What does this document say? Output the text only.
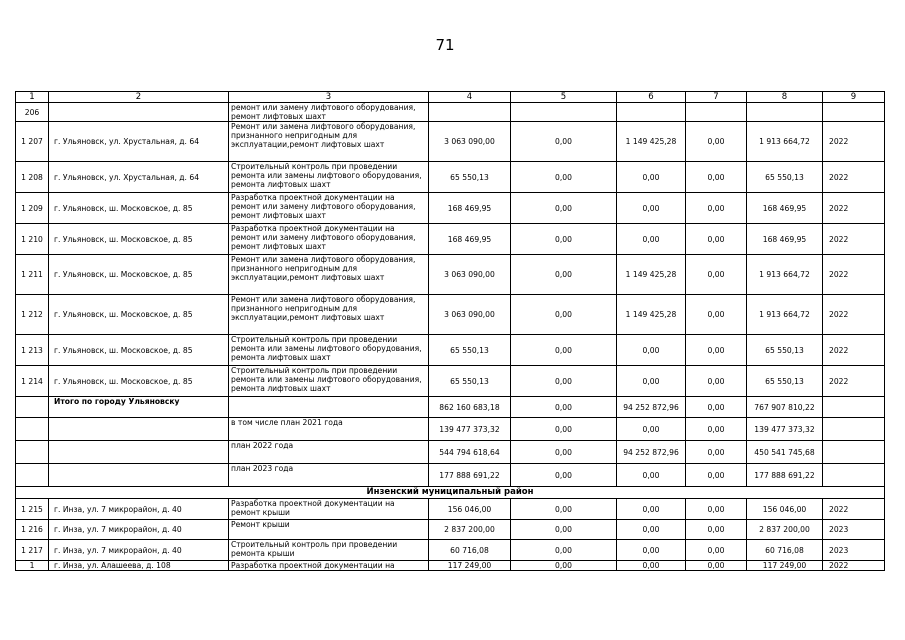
71
1	2	3	4	5	6	7	8	9
206		ремонт или замену лифтового оборудования, ремонт лифтовых шахт						
1 207	г. Ульяновск, ул. Хрустальная, д. 64	Ремонт или замена лифтового оборудования, признанного непригодным для эксплуатации,ремонт лифтовых шахт	3 063 090,00	0,00	1 149 425,28	0,00	1 913 664,72	2022
1 208	г. Ульяновск, ул. Хрустальная, д. 64	Строительный контроль при проведении ремонта или замены лифтового оборудования, ремонта лифтовых шахт	65 550,13	0,00	0,00	0,00	65 550,13	2022
1 209	г. Ульяновск, ш. Московское, д. 85	Разработка проектной документации на ремонт или замену лифтового оборудования, ремонт лифтовых шахт	168 469,95	0,00	0,00	0,00	168 469,95	2022
1 210	г. Ульяновск, ш. Московское, д. 85	Разработка проектной документации на ремонт или замену лифтового оборудования, ремонт лифтовых шахт	168 469,95	0,00	0,00	0,00	168 469,95	2022
1 211	г. Ульяновск, ш. Московское, д. 85	Ремонт или замена лифтового оборудования, признанного непригодным для эксплуатации,ремонт лифтовых шахт	3 063 090,00	0,00	1 149 425,28	0,00	1 913 664,72	2022
1 212	г. Ульяновск, ш. Московское, д. 85	Ремонт или замена лифтового оборудования, признанного непригодным для эксплуатации,ремонт лифтовых шахт	3 063 090,00	0,00	1 149 425,28	0,00	1 913 664,72	2022
1 213	г. Ульяновск, ш. Московское, д. 85	Строительный контроль при проведении ремонта или замены лифтового оборудования, ремонта лифтовых шахт	65 550,13	0,00	0,00	0,00	65 550,13	2022
1 214	г. Ульяновск, ш. Московское, д. 85	Строительный контроль при проведении ремонта или замены лифтового оборудования, ремонта лифтовых шахт	65 550,13	0,00	0,00	0,00	65 550,13	2022
	Итого по городу Ульяновску		862 160 683,18	0,00	94 252 872,96	0,00	767 907 810,22	
		в том числе план 2021 года	139 477 373,32	0,00	0,00	0,00	139 477 373,32	
		план 2022 года	544 794 618,64	0,00	94 252 872,96	0,00	450 541 745,68	
		план 2023 года	177 888 691,22	0,00	0,00	0,00	177 888 691,22	
Инзенский муниципальный район								
1 215	г. Инза, ул. 7 микрорайон, д. 40	Разработка проектной документации на ремонт крыши	156 046,00	0,00	0,00	0,00	156 046,00	2022
1 216	г. Инза, ул. 7 микрорайон, д. 40	Ремонт крыши	2 837 200,00	0,00	0,00	0,00	2 837 200,00	2023
1 217	г. Инза, ул. 7 микрорайон, д. 40	Строительный контроль при проведении ремонта крыши	60 716,08	0,00	0,00	0,00	60 716,08	2023
1	г. Инза, ул. Алашеева, д. 108	Разработка проектной документации на	117 249,00	0,00	0,00	0,00	117 249,00	2022
